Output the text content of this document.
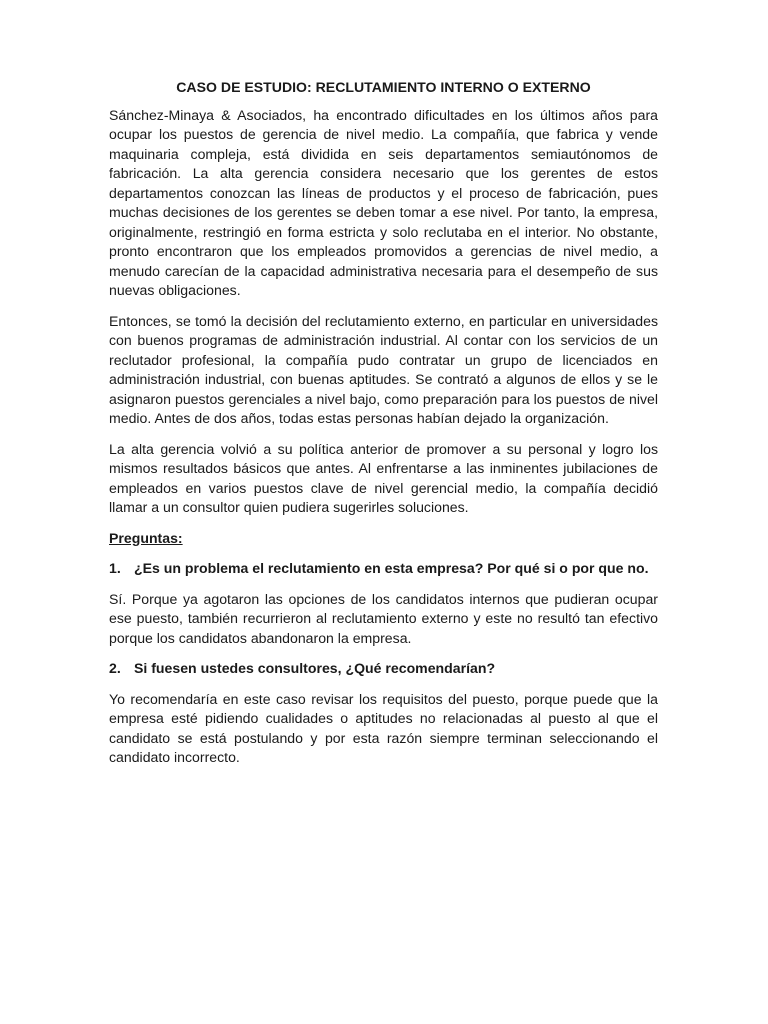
CASO DE ESTUDIO: RECLUTAMIENTO INTERNO O EXTERNO

Sánchez-Minaya & Asociados, ha encontrado dificultades en los últimos años para ocupar los puestos de gerencia de nivel medio. La compañía, que fabrica y vende maquinaria compleja, está dividida en seis departamentos semiautónomos de fabricación. La alta gerencia considera necesario que los gerentes de estos departamentos conozcan las líneas de productos y el proceso de fabricación, pues muchas decisiones de los gerentes se deben tomar a ese nivel. Por tanto, la empresa, originalmente, restringió en forma estricta y solo reclutaba en el interior. No obstante, pronto encontraron que los empleados promovidos a gerencias de nivel medio, a menudo carecían de la capacidad administrativa necesaria para el desempeño de sus nuevas obligaciones.

Entonces, se tomó la decisión del reclutamiento externo, en particular en universidades con buenos programas de administración industrial. Al contar con los servicios de un reclutador profesional, la compañía pudo contratar un grupo de licenciados en administración industrial, con buenas aptitudes. Se contrató a algunos de ellos y se le asignaron puestos gerenciales a nivel bajo, como preparación para los puestos de nivel medio. Antes de dos años, todas estas personas habían dejado la organización.

La alta gerencia volvió a su política anterior de promover a su personal y logro los mismos resultados básicos que antes. Al enfrentarse a las inminentes jubilaciones de empleados en varios puestos clave de nivel gerencial medio, la compañía decidió llamar a un consultor quien pudiera sugerirles soluciones.

Preguntas:
1. ¿Es un problema el reclutamiento en esta empresa? Por qué si o por que no.

Sí. Porque ya agotaron las opciones de los candidatos internos que pudieran ocupar ese puesto, también recurrieron al reclutamiento externo y este no resultó tan efectivo porque los candidatos abandonaron la empresa.

2. Si fuesen ustedes consultores, ¿Qué recomendarían?

Yo recomendaría en este caso revisar los requisitos del puesto, porque puede que la empresa esté pidiendo cualidades o aptitudes no relacionadas al puesto al que el candidato se está postulando y por esta razón siempre terminan seleccionando el candidato incorrecto.
